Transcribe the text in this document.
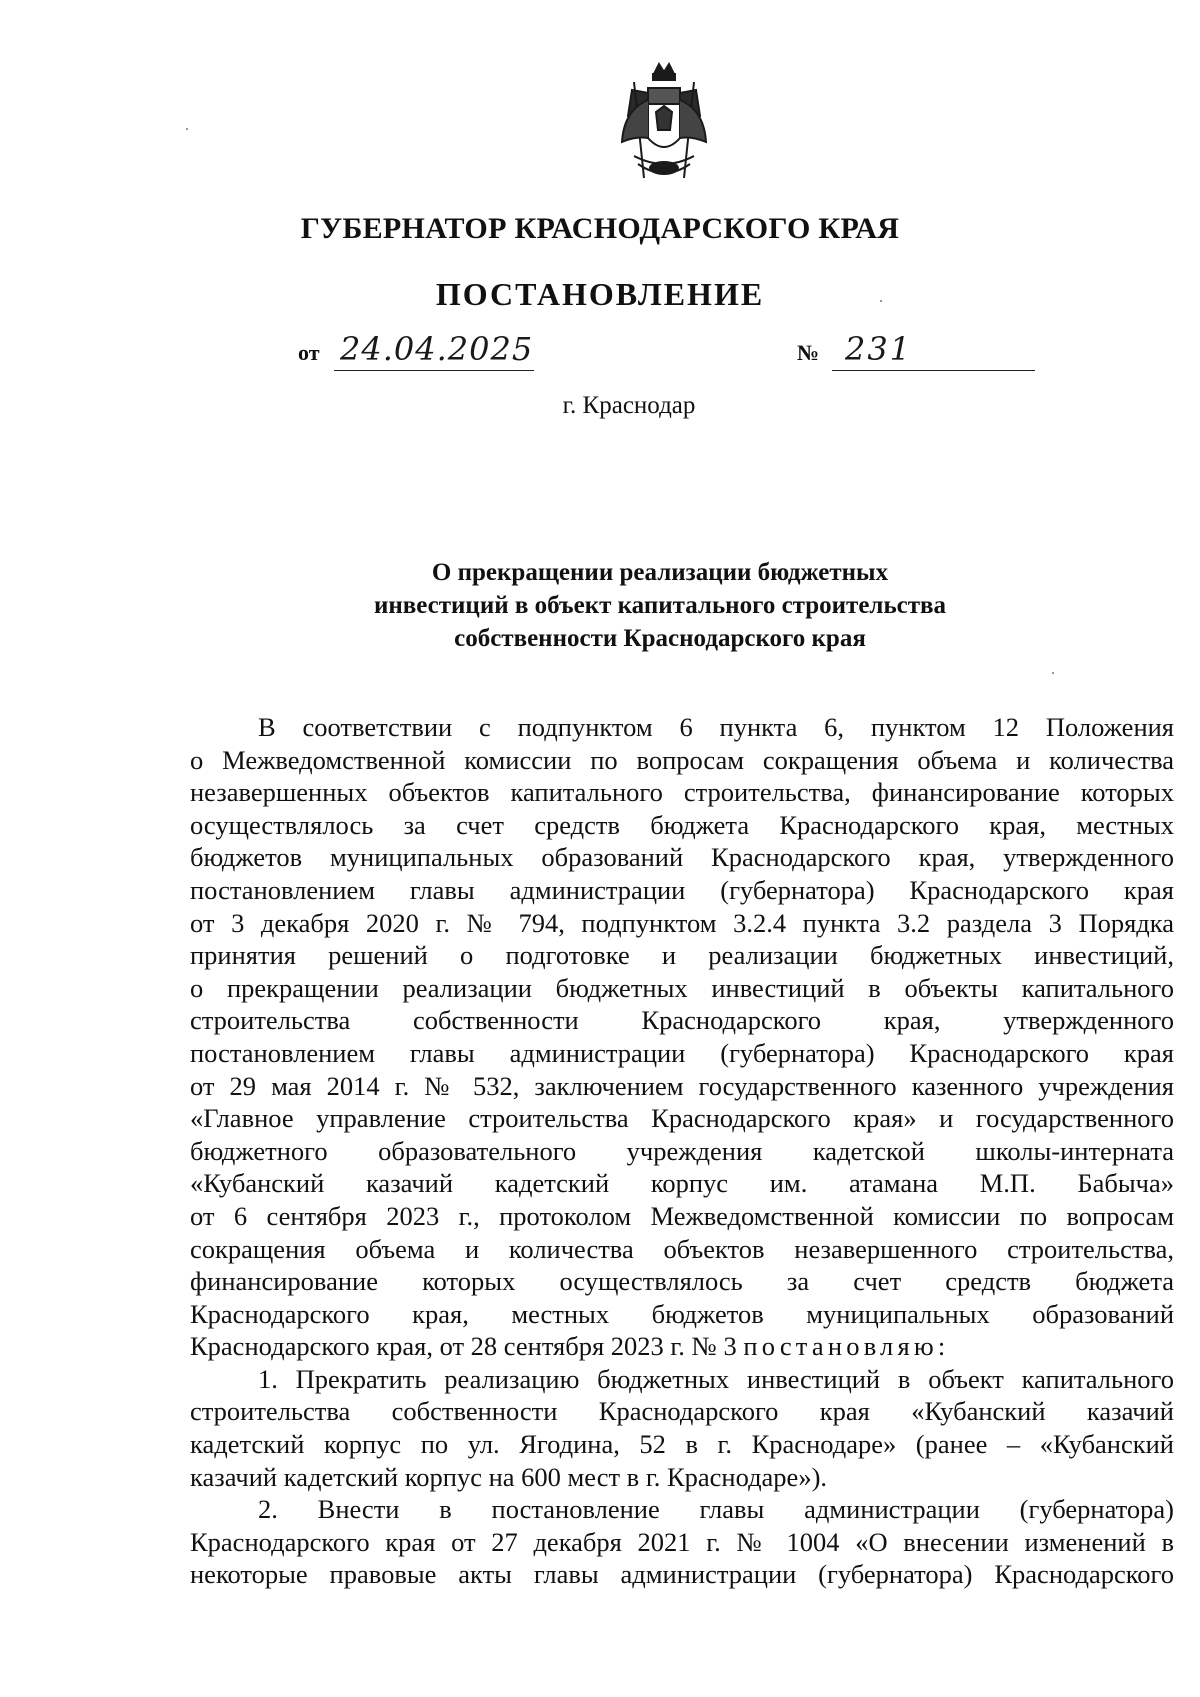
ГУБЕРНАТОР КРАСНОДАРСКОГО КРАЯ
ПОСТАНОВЛЕНИЕ
от 24.04.2025	№ 231
г. Краснодар
О прекращении реализации бюджетных
инвестиций в объект капитального строительства
собственности Краснодарского края
В соответствии с подпунктом 6 пункта 6, пунктом 12 Положения
о Межведомственной комиссии по вопросам сокращения объема и количества
незавершенных объектов капитального строительства, финансирование которых
осуществлялось за счет средств бюджета Краснодарского края, местных
бюджетов муниципальных образований Краснодарского края, утвержденного
постановлением главы администрации (губернатора) Краснодарского края
от 3 декабря 2020 г. № 794, подпунктом 3.2.4 пункта 3.2 раздела 3 Порядка
принятия решений о подготовке и реализации бюджетных инвестиций,
о прекращении реализации бюджетных инвестиций в объекты капитального
строительства собственности Краснодарского края, утвержденного
постановлением главы администрации (губернатора) Краснодарского края
от 29 мая 2014 г. № 532, заключением государственного казенного учреждения
«Главное управление строительства Краснодарского края» и государственного
бюджетного образовательного учреждения кадетской школы-интерната
«Кубанский казачий кадетский корпус им. атамана М.П. Бабыча»
от 6 сентября 2023 г., протоколом Межведомственной комиссии по вопросам
сокращения объема и количества объектов незавершенного строительства,
финансирование которых осуществлялось за счет средств бюджета
Краснодарского края, местных бюджетов муниципальных образований
Краснодарского края, от 28 сентября 2023 г. № 3 постановляю:
1. Прекратить реализацию бюджетных инвестиций в объект капитального
строительства собственности Краснодарского края «Кубанский казачий
кадетский корпус по ул. Ягодина, 52 в г. Краснодаре» (ранее – «Кубанский
казачий кадетский корпус на 600 мест в г. Краснодаре»).
2. Внести в постановление главы администрации (губернатора)
Краснодарского края от 27 декабря 2021 г. № 1004 «О внесении изменений в
некоторые правовые акты главы администрации (губернатора) Краснодарского
